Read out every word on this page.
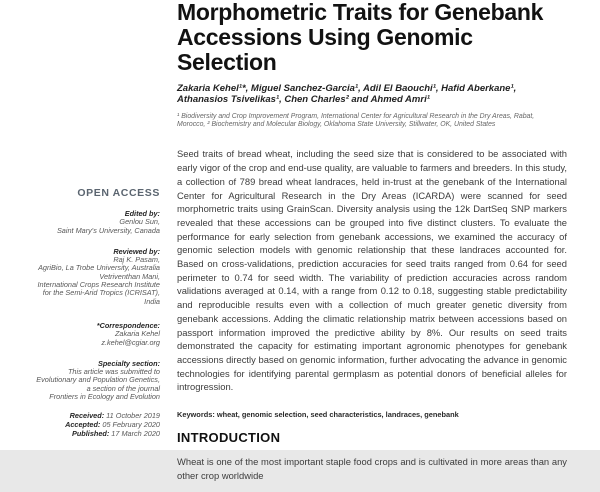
OPEN ACCESS
Edited by:
Genlou Sun,
Saint Mary's University, Canada
Reviewed by:
Raj K. Pasam,
AgriBio, La Trobe University, Australia
Vetriventhan Mani,
International Crops Research Institute
for the Semi-Arid Tropics (ICRISAT),
India
*Correspondence:
Zakaria Kehel
z.kehel@cgiar.org
Specialty section:
This article was submitted to
Evolutionary and Population Genetics,
a section of the journal
Frontiers in Ecology and Evolution
Received: 11 October 2019
Accepted: 05 February 2020
Published: 17 March 2020
Morphometric Traits for Genebank
Accessions Using Genomic Selection
Zakaria Kehel¹*, Miguel Sanchez-Garcia¹, Adil El Baouchi¹, Hafid Aberkane¹,
Athanasios Tsivelikas¹, Chen Charles² and Ahmed Amri¹
¹ Biodiversity and Crop Improvement Program, International Center for Agricultural Research in the Dry Areas, Rabat,
Morocco, ² Biochemistry and Molecular Biology, Oklahoma State University, Stillwater, OK, United States

Seed traits of bread wheat, including the seed size that is considered to be associated with early vigor of the crop and end-use quality, are valuable to farmers and breeders. In this study, a collection of 789 bread wheat landraces, held in-trust at the genebank of the International Center for Agricultural Research in the Dry Areas (ICARDA) were scanned for seed morphometric traits using GrainScan. Diversity analysis using the 12k DartSeq SNP markers revealed that these accessions can be grouped into five distinct clusters. To evaluate the performance for early selection from genebank accessions, we examined the accuracy of genomic selection models with genomic relationship that these landraces accounted for. Based on cross-validations, prediction accuracies for seed traits ranged from 0.64 for seed perimeter to 0.74 for seed width. The variability of prediction accuracies across random validations averaged at 0.14, with a range from 0.12 to 0.18, suggesting stable predictability and reproducible results even with a collection of much greater genetic diversity from genebank accessions. Adding the climatic relationship matrix between accessions based on passport information improved the predictive ability by 8%. Our results on seed traits demonstrated the capacity for estimating important agronomic phenotypes for genebank accessions directly based on genomic information, further advocating the advance in genomic technologies for identifying parental germplasm as potential donors of beneficial alleles for introgression.

Keywords: wheat, genomic selection, seed characteristics, landraces, genebank
INTRODUCTION

Wheat is one of the most important staple food crops and is cultivated in more areas than any other crop worldwide
